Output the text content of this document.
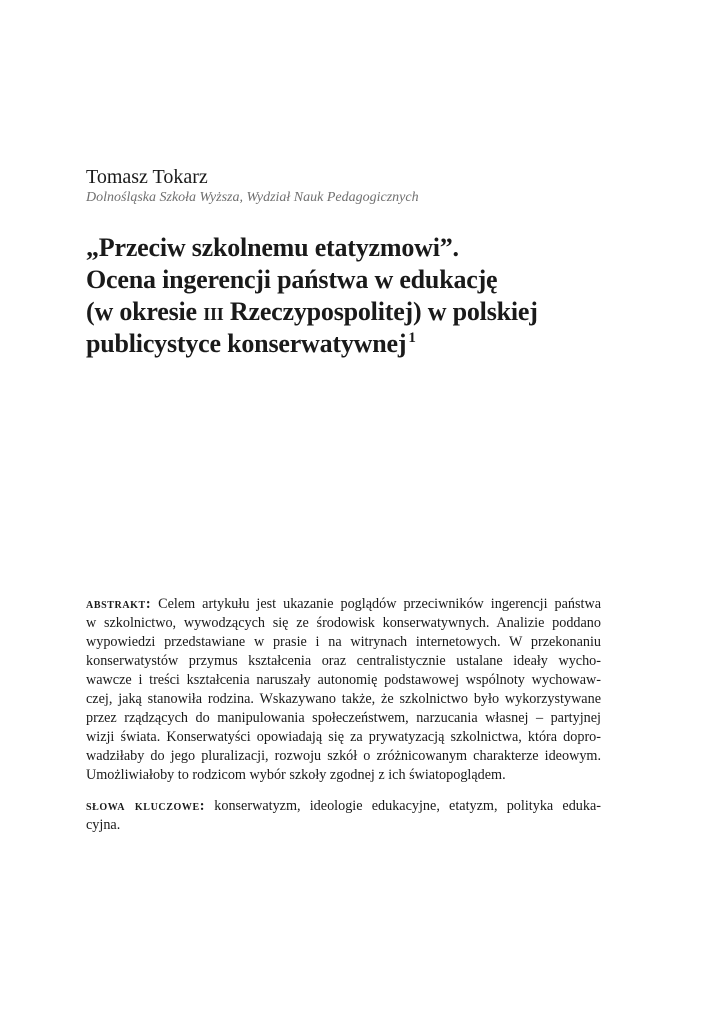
Tomasz Tokarz
Dolnośląska Szkoła Wyższa, Wydział Nauk Pedagogicznych
„Przeciw szkolnemu etatyzmowi”.
Ocena ingerencji państwa w edukację
(w okresie iii Rzeczypospolitej) w polskiej
publicystyce konserwatywnej $^1$
abstrakt: Celem artykułu jest ukazanie poglądów przeciwników ingerencji państwa
w szkolnictwo, wywodzących się ze środowisk konserwatywnych. Analizie poddano
wypowiedzi przedstawiane w prasie i na witrynach internetowych. W przekonaniu
konserwatystów przymus kształcenia oraz centralistycznie ustalane ideały wycho-
wawcze i treści kształcenia naruszały autonomię podstawowej wspólnoty wychowaw-
czej, jaką stanowiła rodzina. Wskazywano także, że szkolnictwo było wykorzystywane
przez rządzących do manipulowania społeczeństwem, narzucania własnej – partyjnej
wizji świata. Konserwatyści opowiadają się za prywatyzacją szkolnictwa, która dopro-
wadziłaby do jego pluralizacji, rozwoju szkół o zróżnicowanym charakterze ideowym.
Umożliwiałoby to rodzicom wybór szkoły zgodnej z ich światopoglądem.
słowa kluczowe: konserwatyzm, ideologie edukacyjne, etatyzm, polityka eduka-
cyjna.
